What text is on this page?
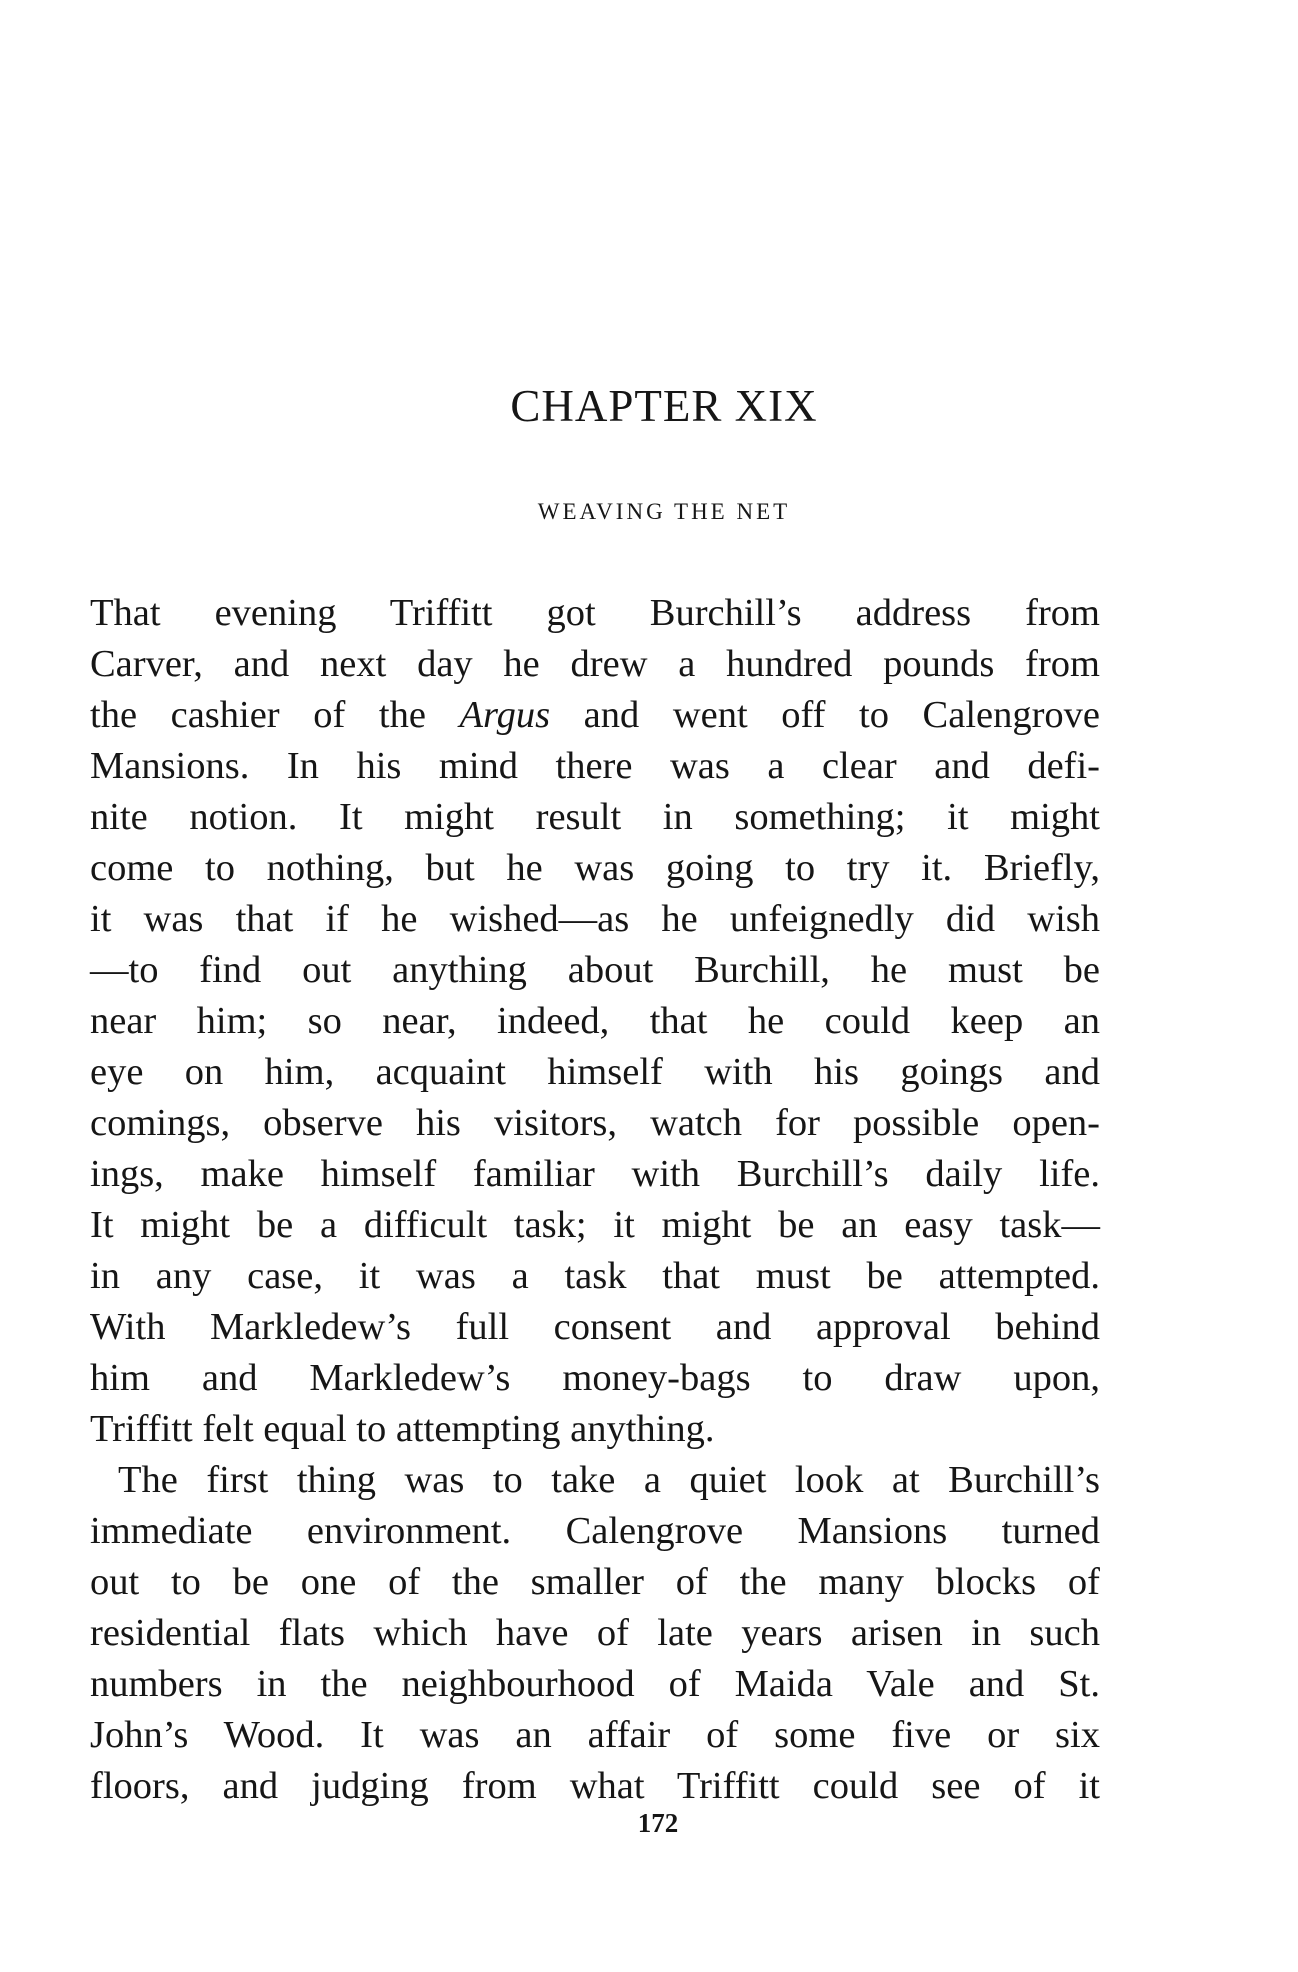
CHAPTER XIX
WEAVING THE NET
That evening Triffitt got Burchill’s address from
Carver, and next day he drew a hundred pounds from
the cashier of the Argus and went off to Calengrove
Mansions. In his mind there was a clear and defi-
nite notion. It might result in something; it might
come to nothing, but he was going to try it. Briefly,
it was that if he wished—as he unfeignedly did wish
—to find out anything about Burchill, he must be
near him; so near, indeed, that he could keep an
eye on him, acquaint himself with his goings and
comings, observe his visitors, watch for possible open-
ings, make himself familiar with Burchill’s daily life.
It might be a difficult task; it might be an easy task—
in any case, it was a task that must be attempted.
With Markledew’s full consent and approval behind
him and Markledew’s money-bags to draw upon,
Triffitt felt equal to attempting anything.
The first thing was to take a quiet look at Burchill’s
immediate environment. Calengrove Mansions turned
out to be one of the smaller of the many blocks of
residential flats which have of late years arisen in such
numbers in the neighbourhood of Maida Vale and St.
John’s Wood. It was an affair of some five or six
floors, and judging from what Triffitt could see of it
172
